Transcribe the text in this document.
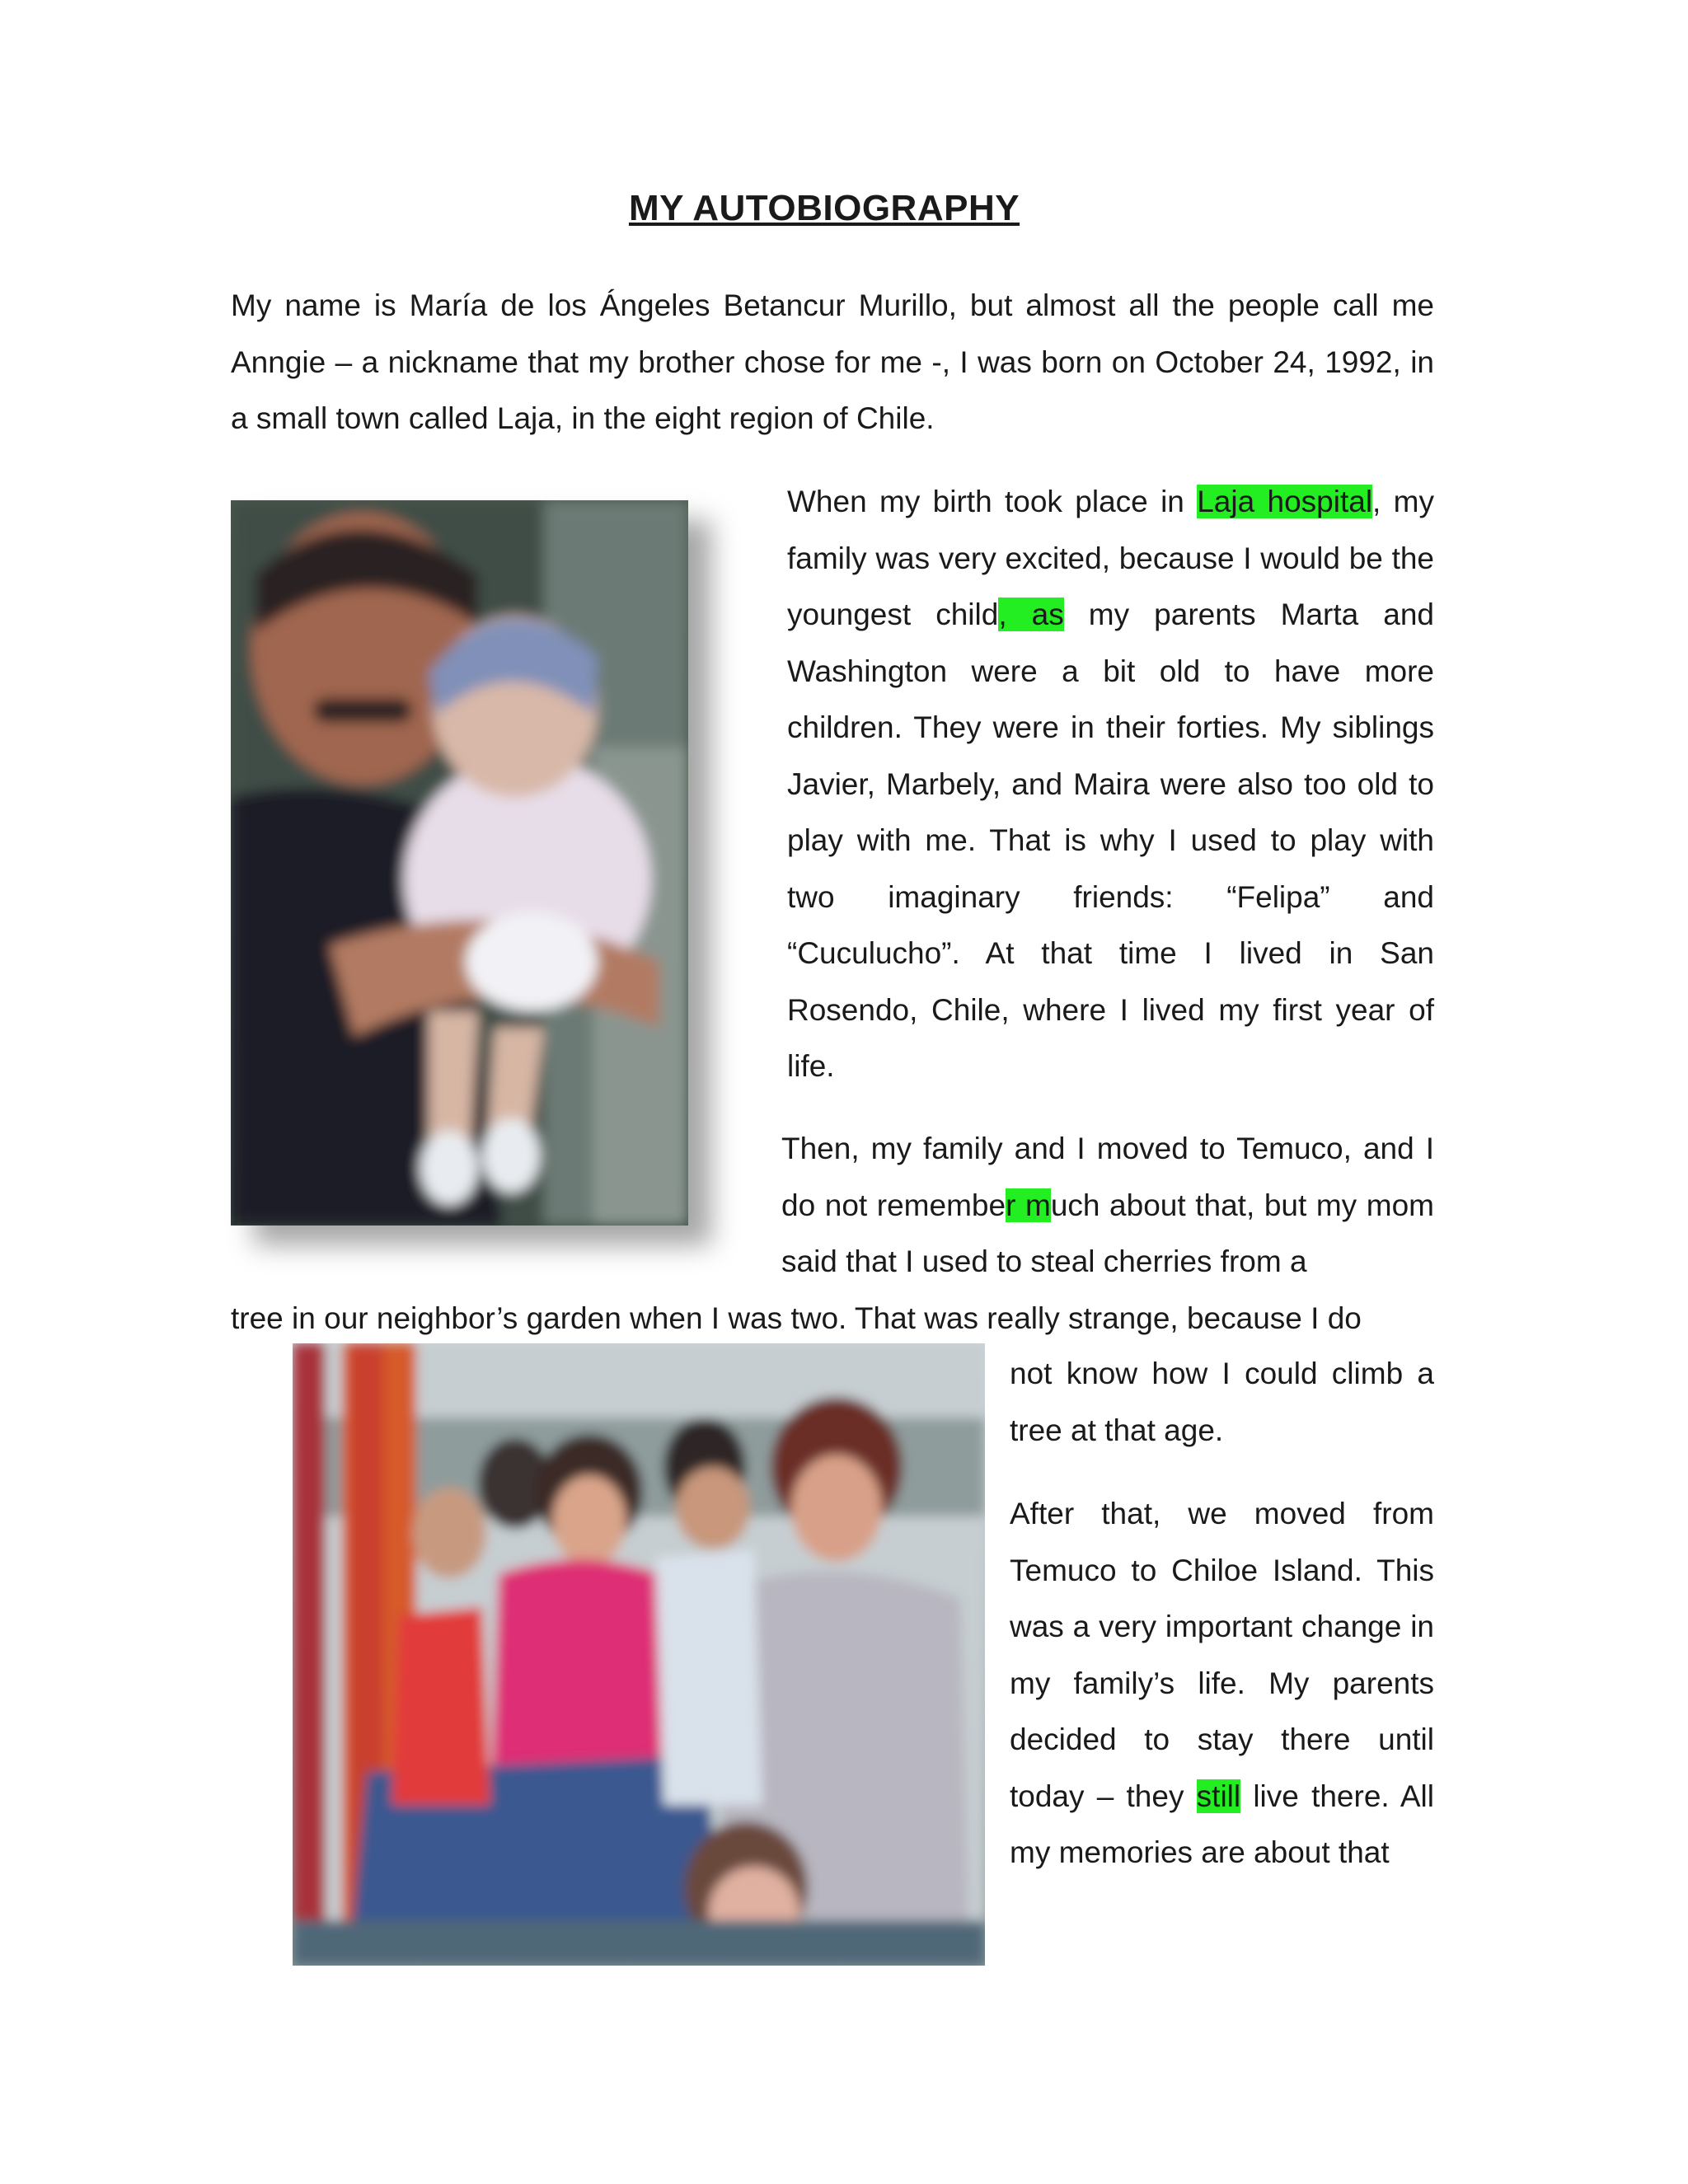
MY AUTOBIOGRAPHY

My name is María de los Ángeles Betancur Murillo, but almost all the people call me Anngie – a nickname that my brother chose for me -, I was born on October 24, 1992, in a small town called Laja, in the eight region of Chile.

When my birth took place in Laja hospital, my family was very excited, because I would be the youngest child, as my parents Marta and Washington were a bit old to have more children. They were in their forties. My siblings Javier, Marbely, and Maira were also too old to play with me. That is why I used to play with two imaginary friends: “Felipa” and “Cuculucho”. At that time I lived in San Rosendo, Chile, where I lived my first year of life.

Then, my family and I moved to Temuco, and I do not remember much about that, but my mom said that I used to steal cherries from a

tree in our neighbor’s garden when I was two. That was really strange, because I do

not know how I could climb a tree at that age.

After that, we moved from Temuco to Chiloe Island. This was a very important change in my family’s life. My parents decided to stay there until today – they still live there. All my memories are about that
